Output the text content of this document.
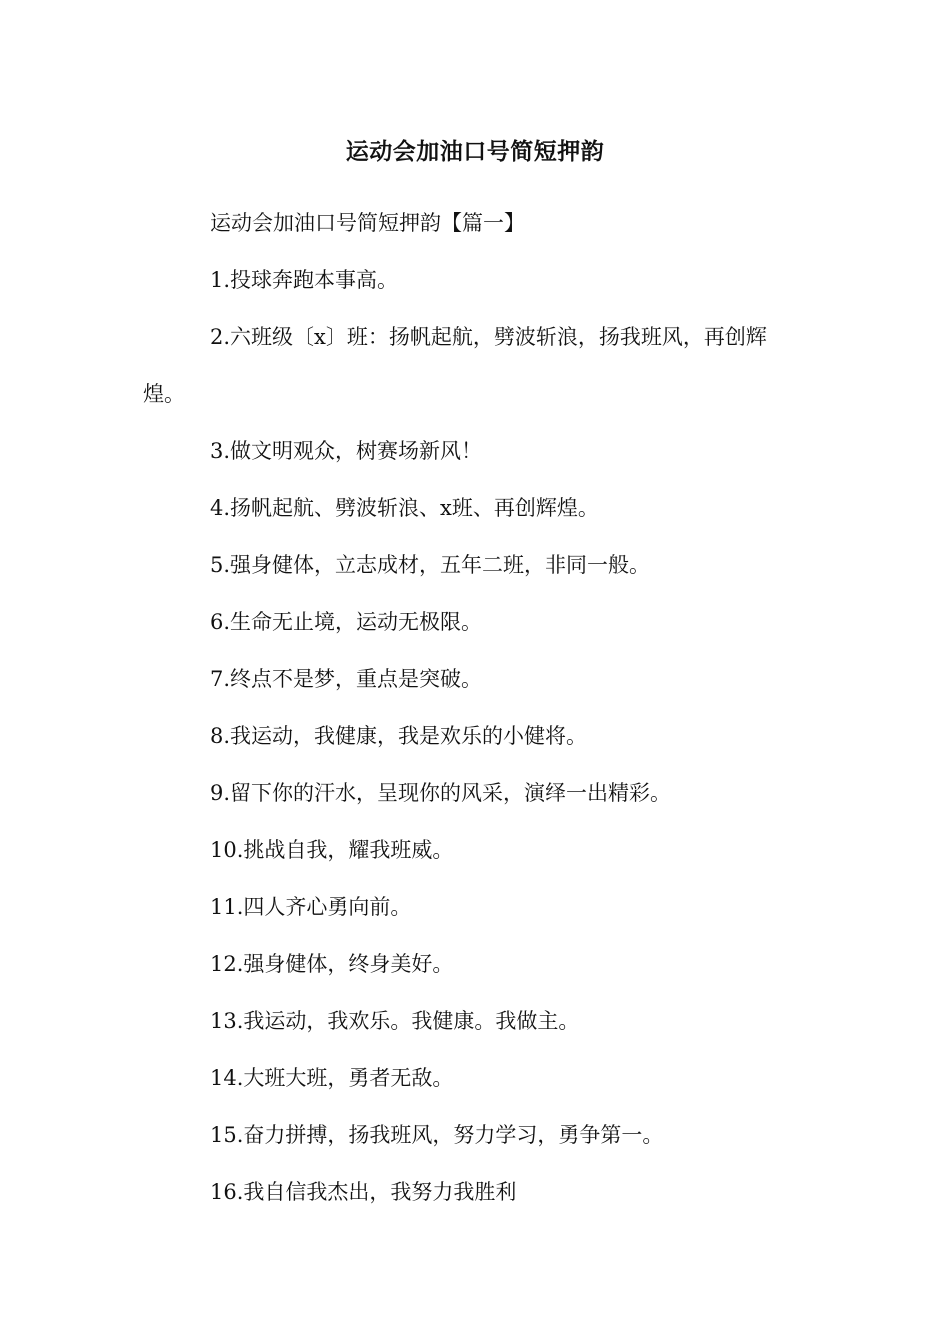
运动会加油口号简短押韵
运动会加油口号简短押韵【篇一】
1.投球奔跑本事高。
2.六班级〔x〕班：扬帆起航，劈波斩浪，扬我班风，再创辉
煌。
3.做文明观众，树赛场新风！
4.扬帆起航、劈波斩浪、x班、再创辉煌。
5.强身健体，立志成材，五年二班，非同一般。
6.生命无止境，运动无极限。
7.终点不是梦，重点是突破。
8.我运动，我健康，我是欢乐的小健将。
9.留下你的汗水，呈现你的风采，演绎一出精彩。
10.挑战自我，耀我班威。
11.四人齐心勇向前。
12.强身健体，终身美好。
13.我运动，我欢乐。我健康。我做主。
14.大班大班，勇者无敌。
15.奋力拼搏，扬我班风，努力学习，勇争第一。
16.我自信我杰出，我努力我胜利
